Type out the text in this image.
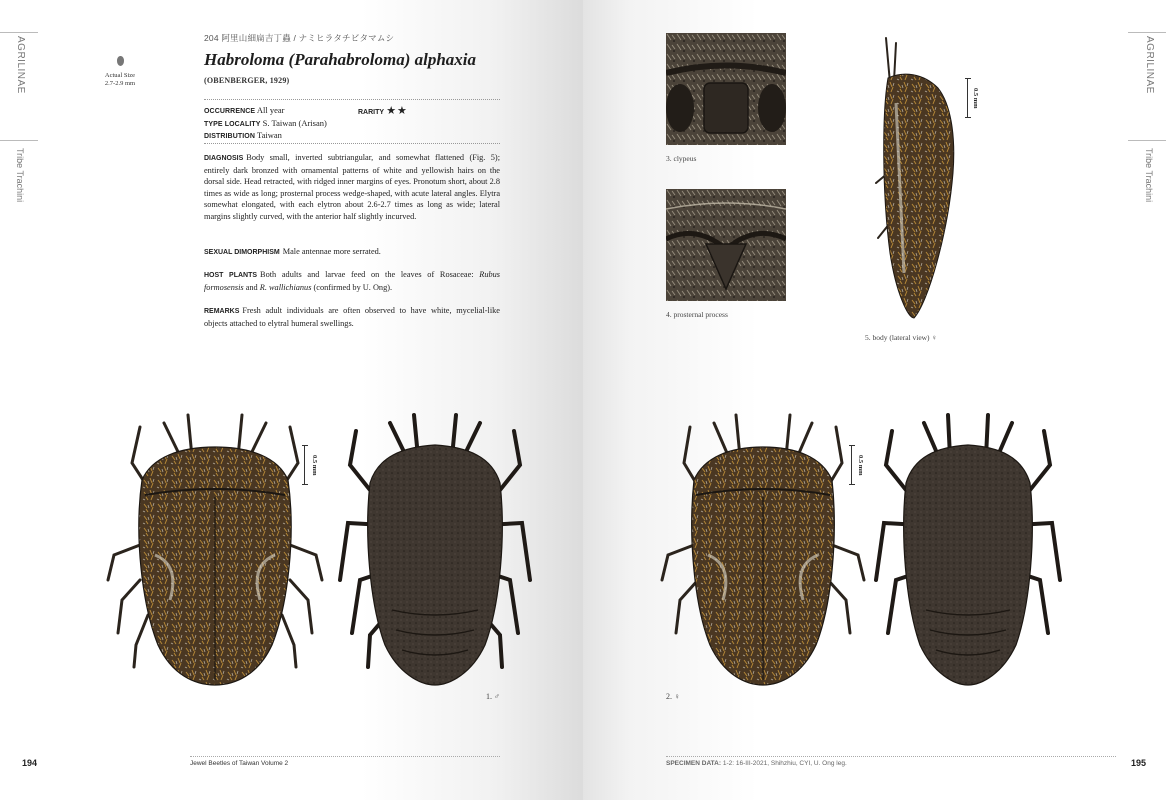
AGRILINAE
Tribe Trachini
Actual Size
2.7-2.9 mm
204 阿里山細扁吉丁蟲 / ナミヒラタチビタマムシ
Habroloma (Parahabroloma) alphaxia
(OBENBERGER, 1929)
OCCURRENCE All year
TYPE LOCALITY S. Taiwan (Arisan)
DISTRIBUTION Taiwan
RARITY ★★
DIAGNOSIS Body small, inverted subtriangular, and somewhat flattened (Fig. 5); entirely dark bronzed with ornamental patterns of white and yellowish hairs on the dorsal side. Head retracted, with ridged inner margins of eyes. Pronotum short, about 2.8 times as wide as long; prosternal process wedge-shaped, with acute lateral angles. Elytra somewhat elongated, with each elytron about 2.6-2.7 times as long as wide; lateral margins slightly curved, with the anterior half slightly incurved.
SEXUAL DIMORPHISM Male antennae more serrated.
HOST PLANTS Both adults and larvae feed on the leaves of Rosaceae: Rubus formosensis and R. wallichianus (confirmed by U. Ong).
REMARKS Fresh adult individuals are often observed to have white, mycelial-like objects attached to elytral humeral swellings.
0.5 mm
1. ♂
194	Jewel Beetles of Taiwan Volume 2
3. clypeus
4. prosternal process
0.5 mm
5. body (lateral view) ♀
0.5 mm
2. ♀
SPECIMEN DATA: 1-2: 16-III-2021, Shihzhiu, CYI, U. Ong leg.	195
AGRILINAE
Tribe Trachini
